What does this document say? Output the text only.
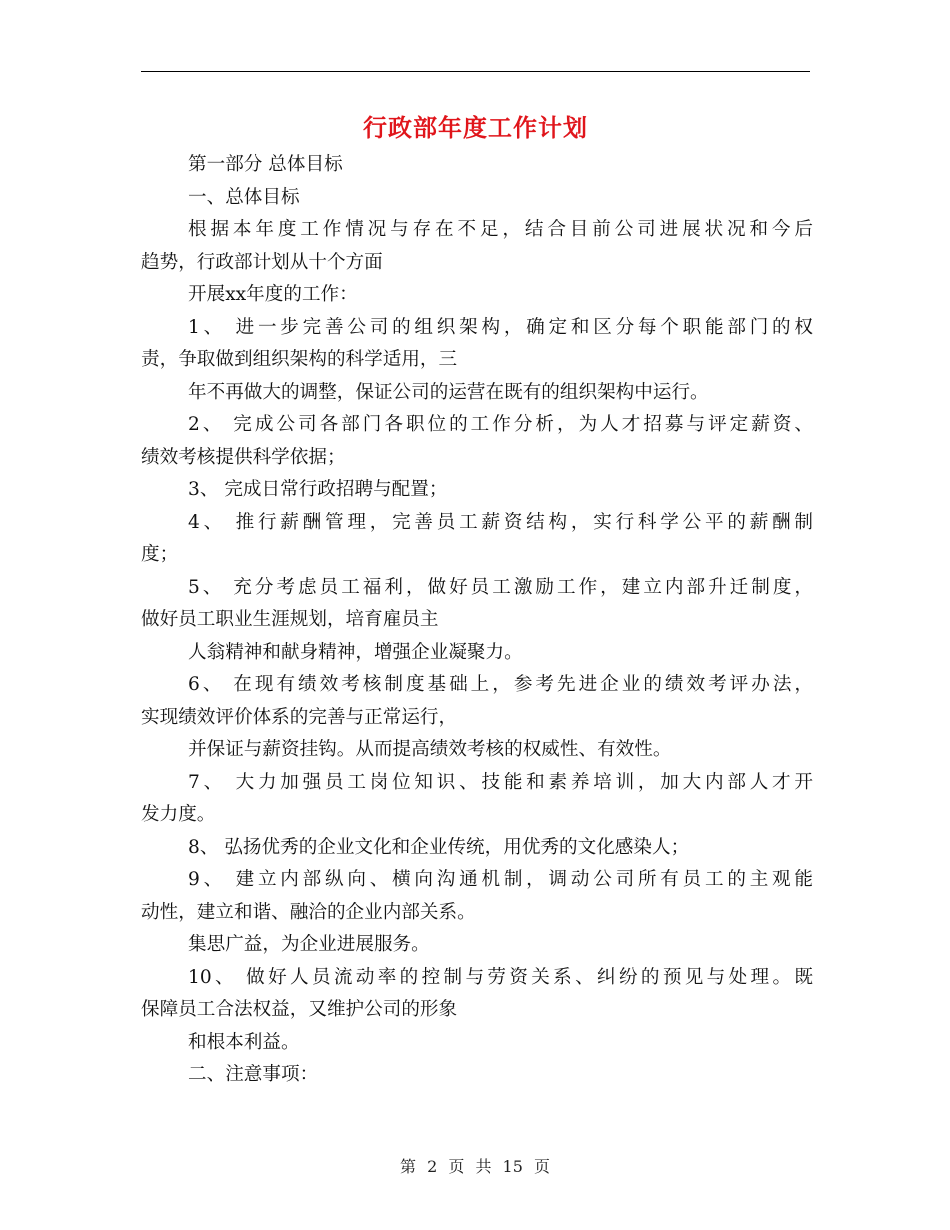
行政部年度工作计划
第一部分 总体目标
一、总体目标
根据本年度工作情况与存在不足，结合目前公司进展状况和今后
趋势，行政部计划从十个方面
开展xx年度的工作：
1、 进一步完善公司的组织架构，确定和区分每个职能部门的权
责，争取做到组织架构的科学适用，三
年不再做大的调整，保证公司的运营在既有的组织架构中运行。
2、 完成公司各部门各职位的工作分析，为人才招募与评定薪资、
绩效考核提供科学依据；
3、 完成日常行政招聘与配置；
4、 推行薪酬管理，完善员工薪资结构，实行科学公平的薪酬制
度；
5、 充分考虑员工福利，做好员工激励工作，建立内部升迁制度，
做好员工职业生涯规划，培育雇员主
人翁精神和献身精神，增强企业凝聚力。
6、 在现有绩效考核制度基础上，参考先进企业的绩效考评办法，
实现绩效评价体系的完善与正常运行，
并保证与薪资挂钩。从而提高绩效考核的权威性、有效性。
7、 大力加强员工岗位知识、技能和素养培训，加大内部人才开
发力度。
8、 弘扬优秀的企业文化和企业传统，用优秀的文化感染人；
9、 建立内部纵向、横向沟通机制，调动公司所有员工的主观能
动性，建立和谐、融洽的企业内部关系。
集思广益，为企业进展服务。
10、 做好人员流动率的控制与劳资关系、纠纷的预见与处理。既
保障员工合法权益，又维护公司的形象
和根本利益。
二、注意事项：
第 2 页 共 15 页
